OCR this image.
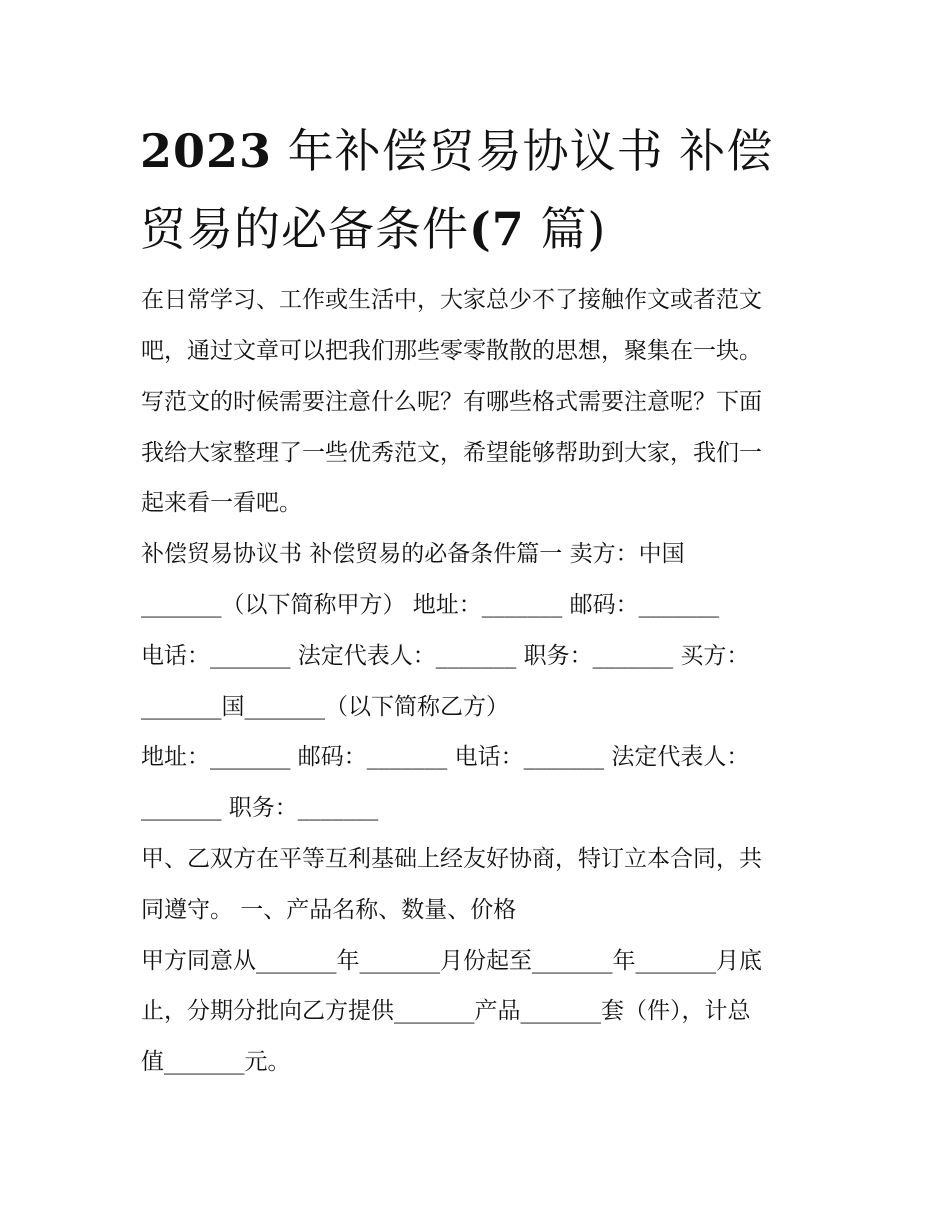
2023 年补偿贸易协议书 补偿
贸易的必备条件(7 篇)

在日常学习、工作或生活中，大家总少不了接触作文或者范文

吧，通过文章可以把我们那些零零散散的思想，聚集在一块。

写范文的时候需要注意什么呢？有哪些格式需要注意呢？下面

我给大家整理了一些优秀范文，希望能够帮助到大家，我们一

起来看一看吧。

补偿贸易协议书 补偿贸易的必备条件篇一 卖方：中国

_______（以下简称甲方） 地址：_______ 邮码：_______

电话：_______ 法定代表人：_______ 职务：_______ 买方：

_______国_______（以下简称乙方）

地址：_______ 邮码：_______ 电话：_______ 法定代表人：

_______ 职务：_______

甲、乙双方在平等互利基础上经友好协商，特订立本合同，共

同遵守。 一、产品名称、数量、价格

甲方同意从_______年_______月份起至_______年_______月底

止，分期分批向乙方提供_______产品_______套（件），计总

值_______元。
